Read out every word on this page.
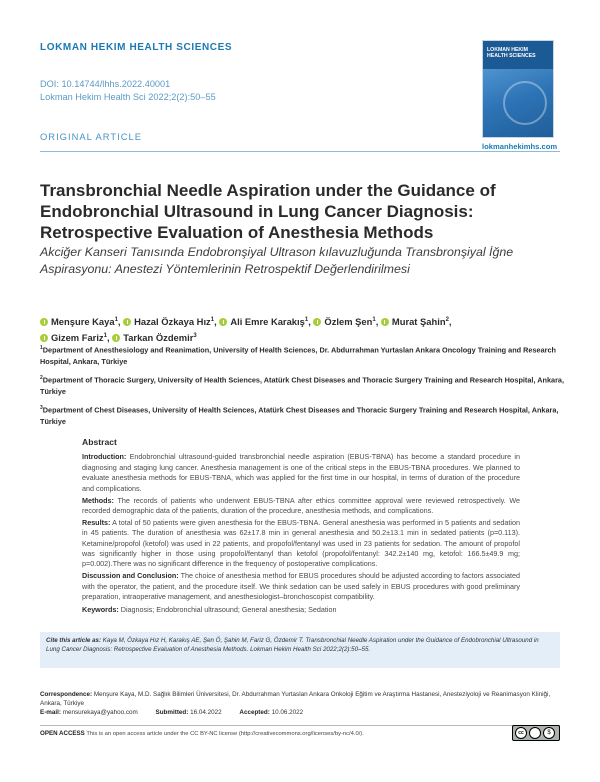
LOKMAN HEKIM HEALTH SCIENCES
DOI: 10.14744/lhhs.2022.40001
Lokman Hekim Health Sci 2022;2(2):50–55
LOKMAN HEKIM
HEALTH SCIENCES
lokmanhekimhs.com
ORIGINAL ARTICLE
Transbronchial Needle Aspiration under the Guidance of Endobronchial Ultrasound in Lung Cancer Diagnosis: Retrospective Evaluation of Anesthesia Methods
Akciğer Kanseri Tanısında Endobronşiyal Ultrason kılavuzluğunda Transbronşiyal İğne Aspirasyonu: Anestezi Yöntemlerinin Retrospektif Değerlendirilmesi
Menşure Kaya$^1$, Hazal Özkaya Hız$^1$, Ali Emre Karakış$^1$, Özlem Şen$^1$, Murat Şahin$^2$,
Gizem Fariz$^1$, Tarkan Özdemir$^3$

$^1$Department of Anesthesiology and Reanimation, University of Health Sciences, Dr. Abdurrahman Yurtaslan Ankara Oncology Training and Research Hospital, Ankara, Türkiye

$^2$Department of Thoracic Surgery, University of Health Sciences, Atatürk Chest Diseases and Thoracic Surgery Training and Research Hospital, Ankara, Türkiye

$^3$Department of Chest Diseases, University of Health Sciences, Atatürk Chest Diseases and Thoracic Surgery Training and Research Hospital, Ankara, Türkiye

Abstract

Introduction: Endobronchial ultrasound-guided transbronchial needle aspiration (EBUS-TBNA) has become a standard procedure in diagnosing and staging lung cancer. Anesthesia management is one of the critical steps in the EBUS-TBNA procedures. We planned to evaluate anesthesia methods for EBUS-TBNA, which was applied for the first time in our hospital, in terms of duration of the procedure and complications.

Methods: The records of patients who underwent EBUS-TBNA after ethics committee approval were reviewed retrospectively. We recorded demographic data of the patients, duration of the procedure, anesthesia methods, and complications.

Results: A total of 50 patients were given anesthesia for the EBUS-TBNA. General anesthesia was performed in 5 patients and sedation in 45 patients. The duration of anesthesia was 62±17.8 min in general anesthesia and 50.2±13.1 min in sedated patients (p=0.113). Ketamine/propofol (ketofol) was used in 22 patients, and propofol/fentanyl was used in 23 patients for sedation. The amount of propofol was significantly higher in those using propofol/fentanyl than ketofol (propofol/fentanyl: 342.2±140 mg, ketofol: 166.5±49.9 mg; p=0.002).There was no significant difference in the frequency of postoperative complications.

Discussion and Conclusion: The choice of anesthesia method for EBUS procedures should be adjusted according to factors associated with the operator, the patient, and the procedure itself. We think sedation can be used safely in EBUS procedures with good preliminary preparation, intraoperative management, and anesthesiologist–bronchoscopist compatibility.

Keywords: Diagnosis; Endobronchial ultrasound; General anesthesia; Sedation

Cite this article as: Kaya M, Özkaya Hız H, Karakış AE, Şen Ö, Şahin M, Fariz G, Özdemir T. Transbronchial Needle Aspiration under the Guidance of Endobronchial Ultrasound in Lung Cancer Diagnosis: Retrospective Evaluation of Anesthesia Methods. Lokman Hekim Health Sci 2022;2(2):50–55.
Correspondence: Menşure Kaya, M.D. Sağlık Bilimleri Üniversitesi, Dr. Abdurrahman Yurtaslan Ankara Onkoloji Eğitim ve Araştırma Hastanesi, Anesteziyoloji ve Reanimasyon Kliniği, Ankara, Türkiye
E-mail: mensurekaya@yahoo.com	Submitted: 16.04.2022	Accepted: 10.06.2022
OPEN ACCESS This is an open access article under the CC BY-NC license (http://creativecommons.org/licenses/by-nc/4.0/).	cc	$
